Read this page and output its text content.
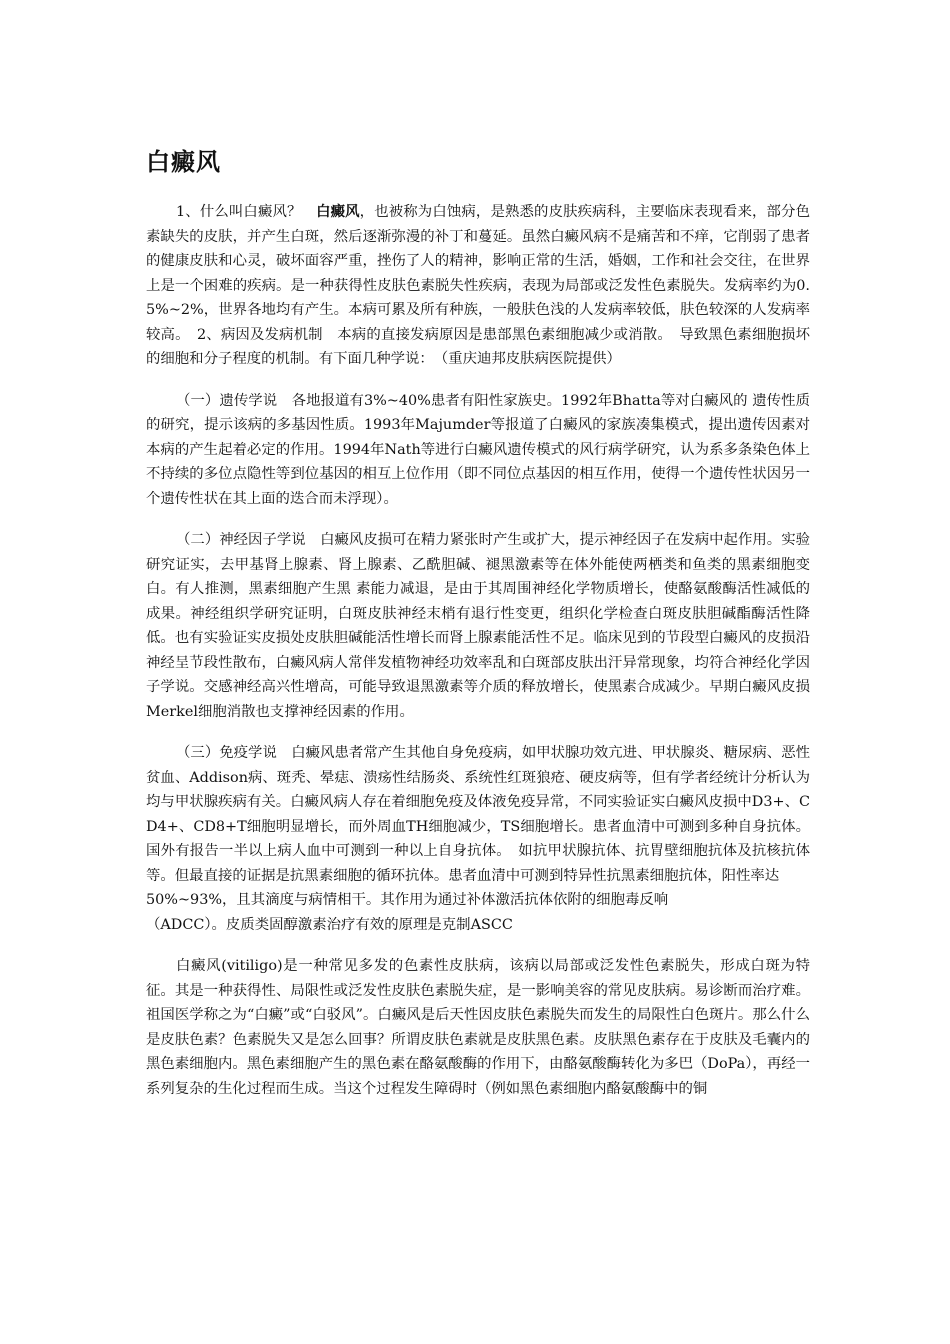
白癜风

1、什么叫白癜风？　白癜风，也被称为白蚀病，是熟悉的皮肤疾病科，主要临床表现看来，部分色素缺失的皮肤，并产生白斑，然后逐渐弥漫的补丁和蔓延。虽然白癜风病不是痛苦和不痒，它削弱了患者的健康皮肤和心灵，破坏面容严重，挫伤了人的精神，影响正常的生活，婚姻，工作和社会交往，在世界上是一个困难的疾病。是一种获得性皮肤色素脱失性疾病，表现为局部或泛发性色素脱失。发病率约为0.5%~2%，世界各地均有产生。本病可累及所有种族，一般肤色浅的人发病率较低，肤色较深的人发病率较高。　2、病因及发病机制　本病的直接发病原因是患部黑色素细胞减少或消散。　导致黑色素细胞损坏的细胞和分子程度的机制。有下面几种学说：　（重庆迪邦皮肤病医院提供）

（一）遗传学说　各地报道有3%~40%患者有阳性家族史。1992年Bhatta等对白癜风的 遗传性质的研究，提示该病的多基因性质。1993年Majumder等报道了白癜风的家族凑集模式，提出遗传因素对本病的产生起着必定的作用。1994年Nath等进行白癜风遗传模式的风行病学研究，认为系多条染色体上不持续的多位点隐性等到位基因的相互上位作用（即不同位点基因的相互作用，使得一个遗传性状因另一个遗传性状在其上面的迭合而未浮现）。

（二）神经因子学说　白癜风皮损可在精力紧张时产生或扩大，提示神经因子在发病中起作用。实验研究证实，去甲基肾上腺素、肾上腺素、乙酰胆碱、褪黑激素等在体外能使两栖类和鱼类的黑素细胞变白。有人推测，黑素细胞产生黑 素能力减退，是由于其周围神经化学物质增长，使酪氨酸酶活性减低的成果。神经组织学研究证明，白斑皮肤神经末梢有退行性变更，组织化学检查白斑皮肤胆碱酯酶活性降低。也有实验证实皮损处皮肤胆碱能活性增长而肾上腺素能活性不足。临床见到的节段型白癜风的皮损沿神经呈节段性散布，白癜风病人常伴发植物神经功效率乱和白斑部皮肤出汗异常现象，均符合神经化学因子学说。交感神经高兴性增高，可能导致退黑激素等介质的释放增长，使黑素合成减少。早期白癜风皮损Merkel细胞消散也支撑神经因素的作用。

（三）免疫学说　白癜风患者常产生其他自身免疫病，如甲状腺功效亢进、甲状腺炎、糖尿病、恶性贫血、Addison病、斑秃、晕痣、溃疡性结肠炎、系统性红斑狼疮、硬皮病等，但有学者经统计分析认为均与甲状腺疾病有关。白癜风病人存在着细胞免疫及体液免疫异常，不同实验证实白癜风皮损中D3+、CD4+、CD8+T细胞明显增长，而外周血TH细胞减少，TS细胞增长。患者血清中可测到多种自身抗体。国外有报告一半以上病人血中可测到一种以上自身抗体。　如抗甲状腺抗体、抗胃壁细胞抗体及抗核抗体等。但最直接的证据是抗黑素细胞的循环抗体。患者血清中可测到特异性抗黑素细胞抗体，阳性率达
50%~93%，且其滴度与病情相干。其作用为通过补体激活抗体依附的细胞毒反响
（ADCC）。皮质类固醇激素治疗有效的原理是克制ASCC

白癜风(vitiligo)是一种常见多发的色素性皮肤病，该病以局部或泛发性色素脱失，形成白斑为特征。其是一种获得性、局限性或泛发性皮肤色素脱失症，是一影响美容的常见皮肤病。易诊断而治疗难。祖国医学称之为“白癜”或“白驳风”。白癜风是后天性因皮肤色素脱失而发生的局限性白色斑片。那么什么是皮肤色素？色素脱失又是怎么回事？所谓皮肤色素就是皮肤黑色素。皮肤黑色素存在于皮肤及毛囊内的黑色素细胞内。黑色素细胞产生的黑色素在酪氨酸酶的作用下，由酪氨酸酶转化为多巴（DoPa），再经一系列复杂的生化过程而生成。当这个过程发生障碍时（例如黑色素细胞内酪氨酸酶中的铜
